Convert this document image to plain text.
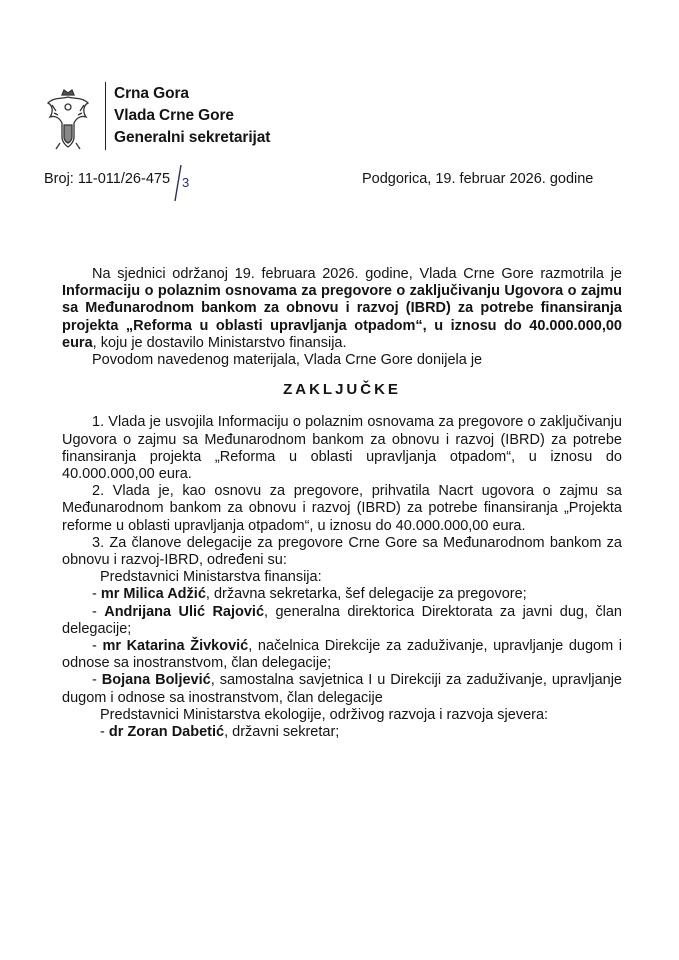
Crna Gora
Vlada Crne Gore
Generalni sekretarijat
Broj: 11-011/26-475 3	Podgorica, 19. februar 2026. godine

Na sjednici održanoj 19. februara 2026. godine, Vlada Crne Gore razmotrila je Informaciju o polaznim osnovama za pregovore o zaključivanju Ugovora o zajmu sa Međunarodnom bankom za obnovu i razvoj (IBRD) za potrebe finansiranja projekta „Reforma u oblasti upravljanja otpadom“, u iznosu do 40.000.000,00 eura, koju je dostavilo Ministarstvo finansija.

Povodom navedenog materijala, Vlada Crne Gore donijela je

ZAKLJUČKE

1. Vlada je usvojila Informaciju o polaznim osnovama za pregovore o zaključivanju Ugovora o zajmu sa Međunarodnom bankom za obnovu i razvoj (IBRD) za potrebe finansiranja projekta „Reforma u oblasti upravljanja otpadom“, u iznosu do 40.000.000,00 eura.

2. Vlada je, kao osnovu za pregovore, prihvatila Nacrt ugovora o zajmu sa Međunarodnom bankom za obnovu i razvoj (IBRD) za potrebe finansiranja „Projekta reforme u oblasti upravljanja otpadom“, u iznosu do 40.000.000,00 eura.

3. Za članove delegacije za pregovore Crne Gore sa Međunarodnom bankom za obnovu i razvoj-IBRD, određeni su:

Predstavnici Ministarstva finansija:

- mr Milica Adžić, državna sekretarka, šef delegacije za pregovore;

- Andrijana Ulić Rajović, generalna direktorica Direktorata za javni dug, član delegacije;

- mr Katarina Živković, načelnica Direkcije za zaduživanje, upravljanje dugom i odnose sa inostranstvom, član delegacije;

- Bojana Boljević, samostalna savjetnica I u Direkciji za zaduživanje, upravljanje dugom i odnose sa inostranstvom, član delegacije

Predstavnici Ministarstva ekologije, održivog razvoja i razvoja sjevera:

- dr Zoran Dabetić, državni sekretar;
